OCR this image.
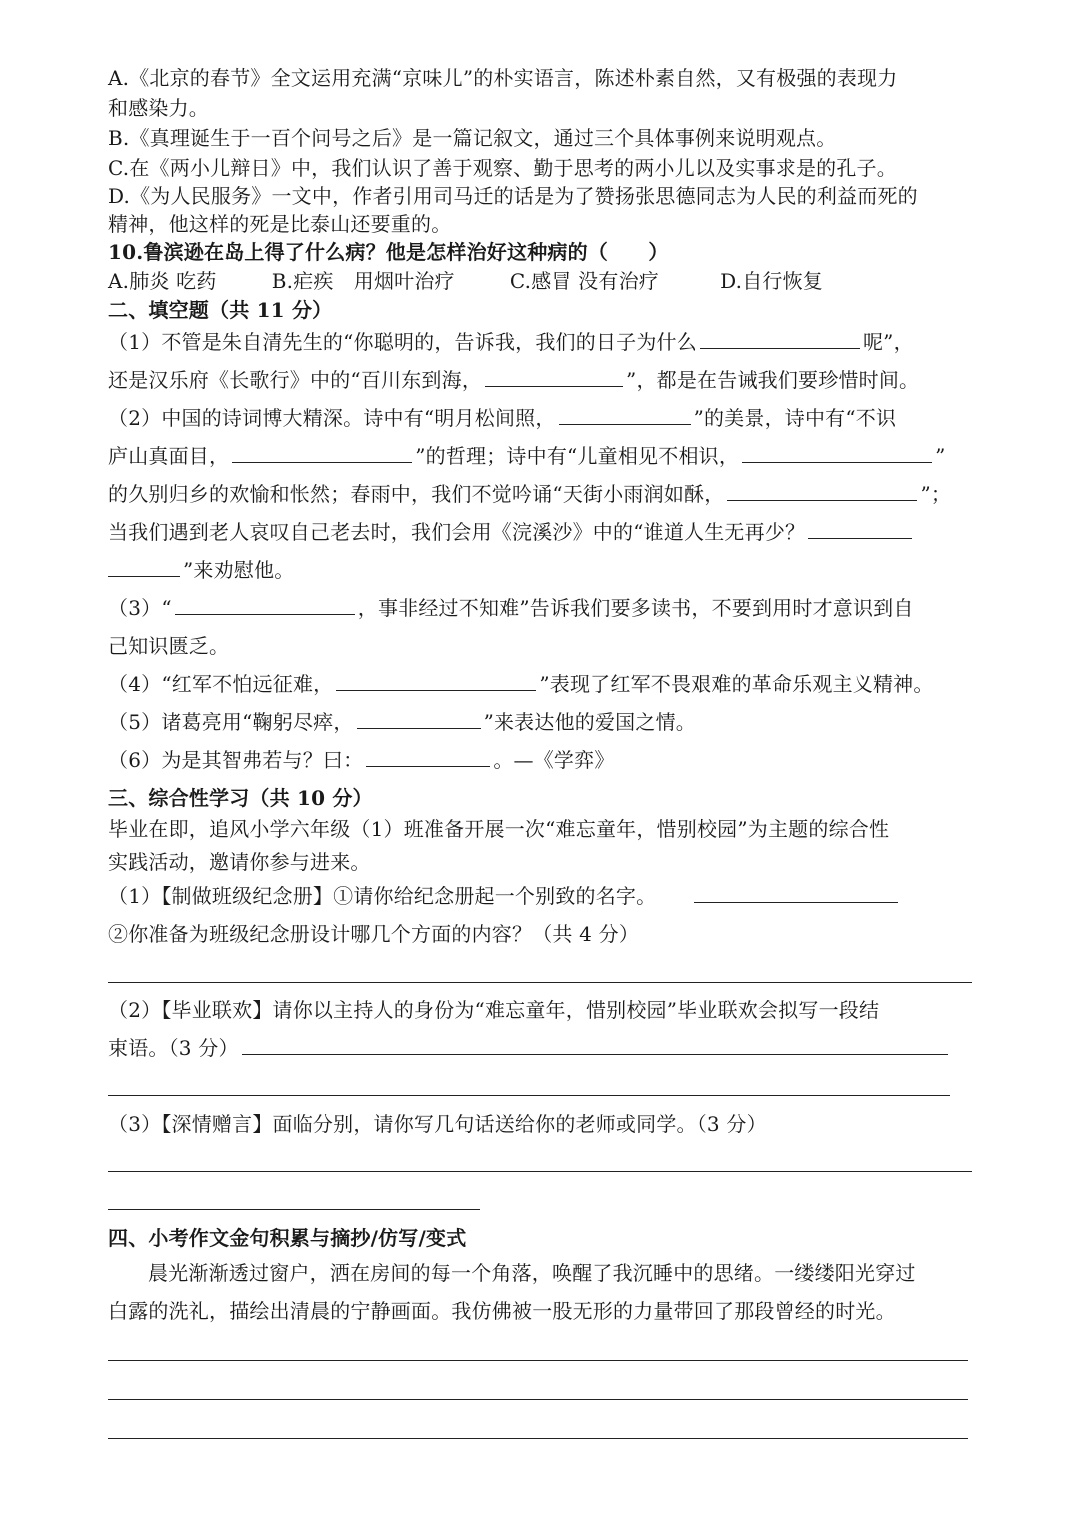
A.《北京的春节》全文运用充满“京味儿”的朴实语言，陈述朴素自然，又有极强的表现力
和感染力。
B.《真理诞生于一百个问号之后》是一篇记叙文，通过三个具体事例来说明观点。
C.在《两小儿辩日》中，我们认识了善于观察、勤于思考的两小儿以及实事求是的孔子。
D.《为人民服务》一文中，作者引用司马迁的话是为了赞扬张思德同志为人民的利益而死的
精神，他这样的死是比泰山还要重的。
10.鲁滨逊在岛上得了什么病？他是怎样治好这种病的（　　）
A.肺炎 吃药	B.疟疾　用烟叶治疗	C.感冒 没有治疗	D.自行恢复
二、填空题（共 11 分）
（1）不管是朱自清先生的“你聪明的，告诉我，我们的日子为什么	呢”，
还是汉乐府《长歌行》中的“百川东到海，	”，都是在告诫我们要珍惜时间。
（2）中国的诗词博大精深。诗中有“明月松间照，	”的美景，诗中有“不识
庐山真面目，	”的哲理；诗中有“儿童相见不相识，	”
的久别归乡的欢愉和怅然；春雨中，我们不觉吟诵“天街小雨润如酥，	”；
当我们遇到老人哀叹自己老去时，我们会用《浣溪沙》中的“谁道人生无再少？
”来劝慰他。
（3）“	，事非经过不知难”告诉我们要多读书，不要到用时才意识到自
己知识匮乏。
（4）“红军不怕远征难，	”表现了红军不畏艰难的革命乐观主义精神。
（5）诸葛亮用“鞠躬尽瘁，	”来表达他的爱国之情。
（6）为是其智弗若与？曰：	。—《学弈》
三、综合性学习（共 10 分）
毕业在即，追风小学六年级（1）班准备开展一次“难忘童年，惜别校园”为主题的综合性
实践活动，邀请你参与进来。
（1）【制做班级纪念册】①请你给纪念册起一个别致的名字。
②你准备为班级纪念册设计哪几个方面的内容？（共 4 分）
（2）【毕业联欢】请你以主持人的身份为“难忘童年，惜别校园”毕业联欢会拟写一段结
束语。（3 分）
（3）【深情赠言】面临分别，请你写几句话送给你的老师或同学。（3 分）
四、小考作文金句积累与摘抄/仿写/变式
晨光渐渐透过窗户，洒在房间的每一个角落，唤醒了我沉睡中的思绪。一缕缕阳光穿过
白露的洗礼，描绘出清晨的宁静画面。我仿佛被一股无形的力量带回了那段曾经的时光。
